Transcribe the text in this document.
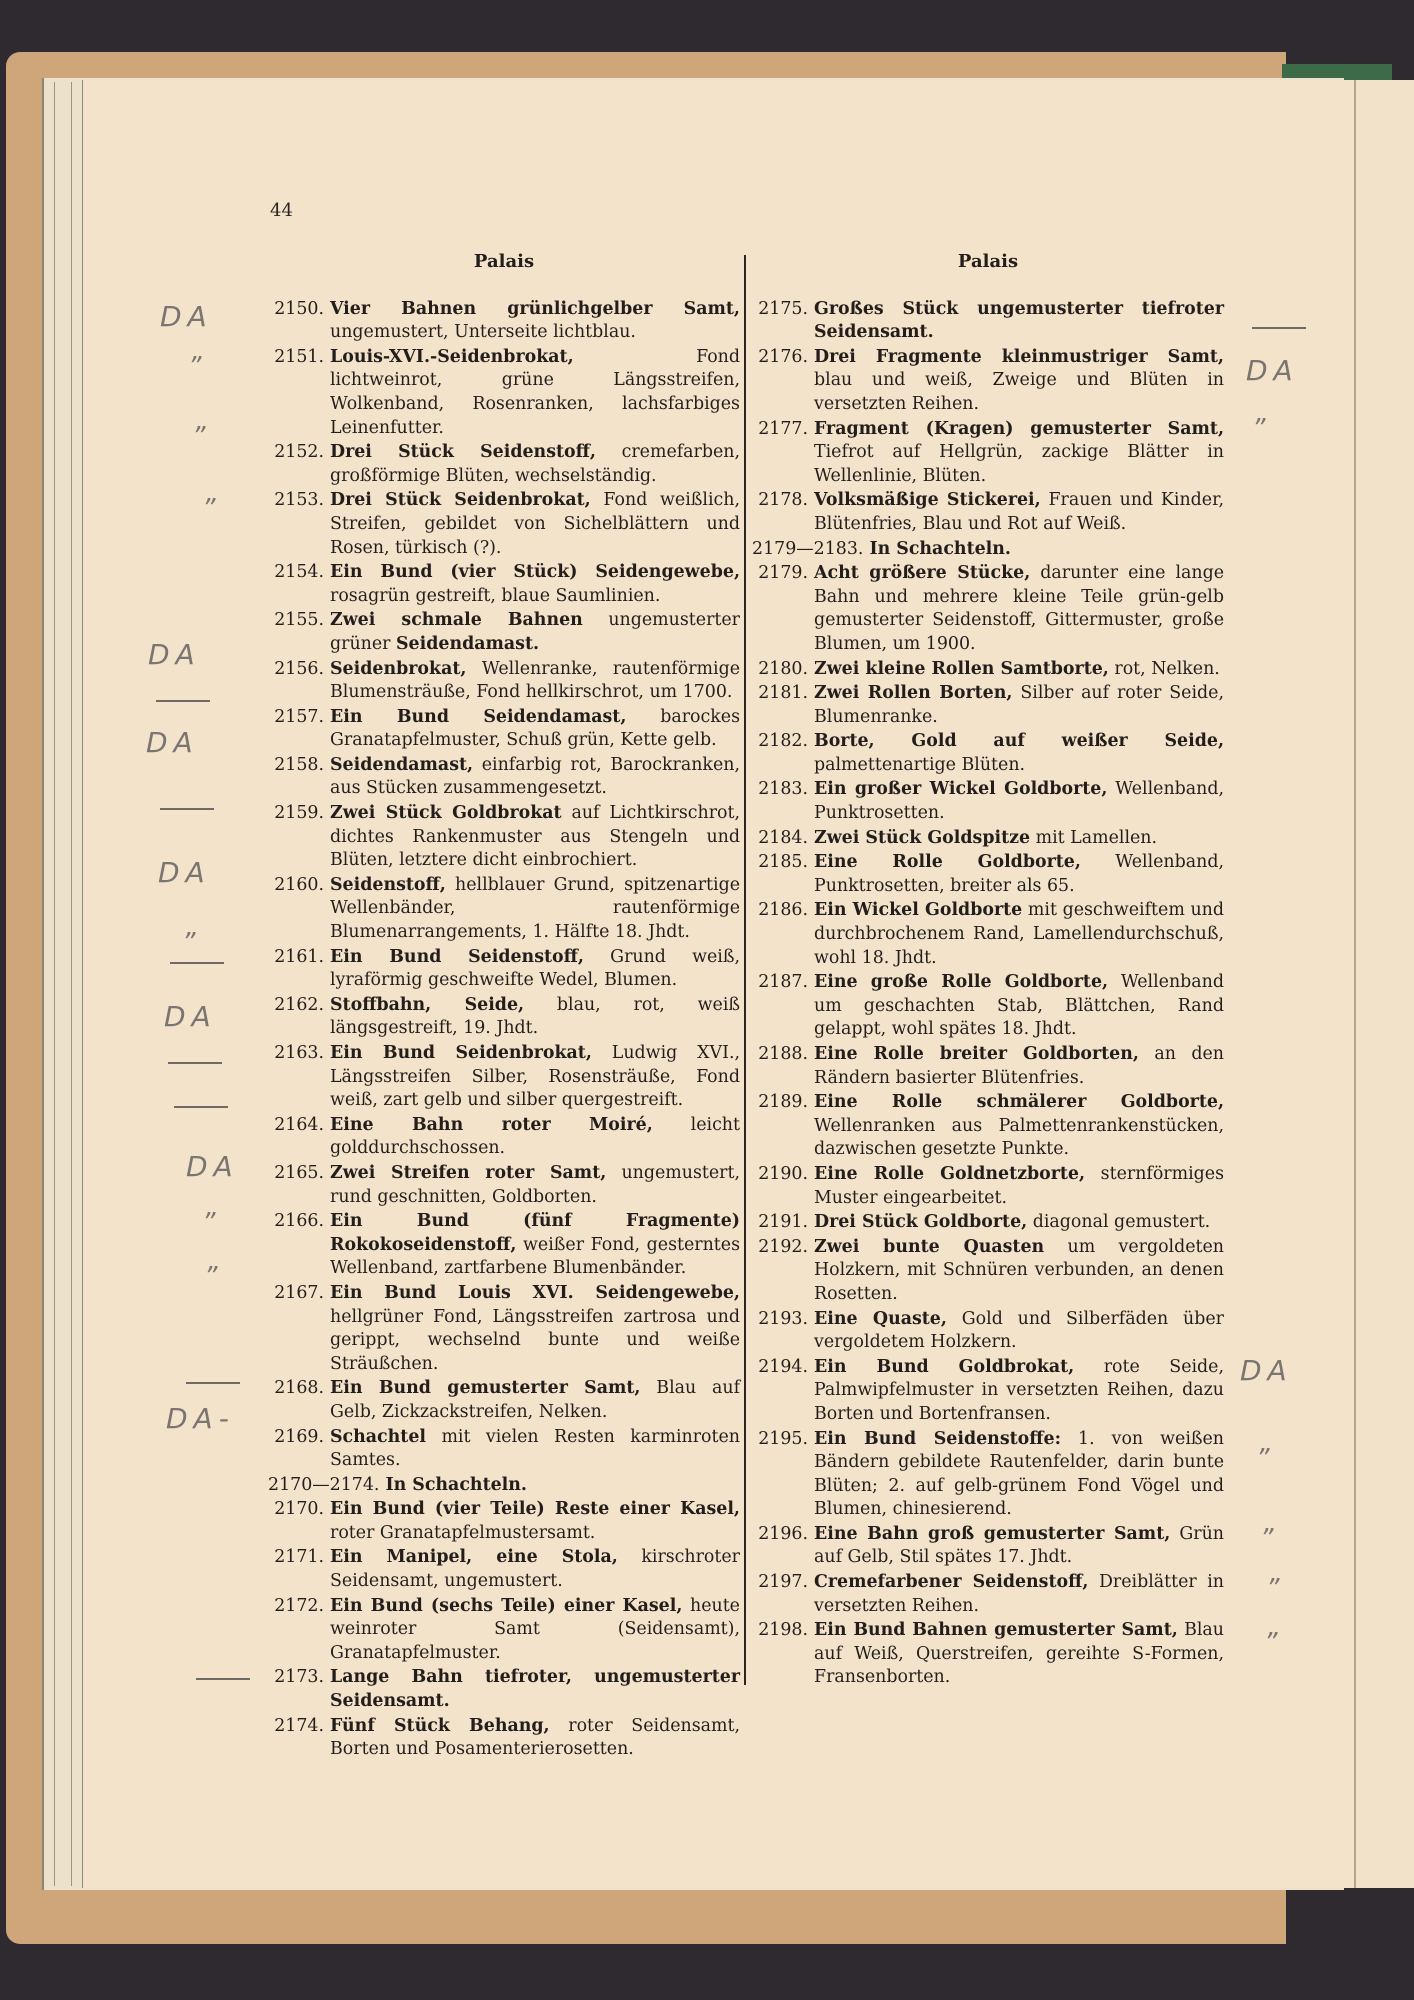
44
Palais
2150. Vier Bahnen grünlichgelber Samt, ungemustert, Unterseite lichtblau.
2151. Louis-XVI.-Seidenbrokat,	Fond lichtweinrot, grüne Längsstreifen, Wolkenband, Rosenranken, lachsfarbiges Leinenfutter.
2152. Drei Stück Seidenstoff, cremefarben, großförmige Blüten, wechselständig.
2153. Drei Stück Seidenbrokat, Fond weißlich, Streifen, gebildet von Sichelblättern und Rosen, türkisch (?).
2154. Ein Bund (vier Stück) Seidengewebe, rosagrün gestreift, blaue Saumlinien.
2155. Zwei schmale Bahnen ungemusterter grüner Seidendamast.
2156. Seidenbrokat, Wellenranke, rautenförmige Blumensträuße, Fond hellkirschrot, um 1700.
2157. Ein Bund Seidendamast, barockes Granatapfelmuster, Schuß grün, Kette gelb.
2158. Seidendamast, einfarbig rot, Barockranken, aus Stücken zusammengesetzt.
2159. Zwei Stück Goldbrokat auf Lichtkirschrot, dichtes Rankenmuster aus Stengeln und Blüten, letztere dicht einbrochiert.
2160. Seidenstoff, hellblauer Grund, spitzenartige Wellenbänder, rautenförmige Blumenarrangements, 1. Hälfte 18. Jhdt.
2161. Ein Bund Seidenstoff, Grund weiß, lyraförmig geschweifte Wedel, Blumen.
2162. Stoffbahn, Seide, blau, rot, weiß längsgestreift, 19. Jhdt.
2163. Ein Bund Seidenbrokat, Ludwig XVI., Längsstreifen Silber, Rosensträuße, Fond weiß, zart gelb und silber quergestreift.
2164. Eine Bahn roter Moiré, leicht golddurchschossen.
2165. Zwei Streifen roter Samt, ungemustert, rund geschnitten, Goldborten.
2166. Ein Bund (fünf Fragmente) Rokokoseidenstoff, weißer Fond, gesterntes Wellenband, zartfarbene Blumenbänder.
2167. Ein Bund Louis XVI. Seidengewebe, hellgrüner Fond, Längsstreifen zartrosa und gerippt, wechselnd bunte und weiße Sträußchen.
2168. Ein Bund gemusterter Samt, Blau auf Gelb, Zickzackstreifen, Nelken.
2169. Schachtel mit vielen Resten karminroten Samtes.
2170—2174. In Schachteln.
2170. Ein Bund (vier Teile) Reste einer Kasel, roter Granatapfelmustersamt.
2171. Ein Manipel, eine Stola, kirschroter Seidensamt, ungemustert.
2172. Ein Bund (sechs Teile) einer Kasel, heute weinroter Samt (Seidensamt), Granatapfelmuster.
2173. Lange Bahn tiefroter, ungemusterter Seidensamt.
2174. Fünf Stück Behang, roter Seidensamt, Borten und Posamenterierosetten.
Palais
2175. Großes Stück ungemusterter tiefroter Seidensamt.
2176. Drei Fragmente kleinmustriger Samt, blau und weiß, Zweige und Blüten in versetzten Reihen.
2177. Fragment (Kragen) gemusterter Samt, Tiefrot auf Hellgrün, zackige Blätter in Wellenlinie, Blüten.
2178. Volksmäßige Stickerei, Frauen und Kinder, Blütenfries, Blau und Rot auf Weiß.
2179—2183. In Schachteln.
2179. Acht größere Stücke, darunter eine lange Bahn und mehrere kleine Teile grün-gelb gemusterter Seidenstoff, Gittermuster, große Blumen, um 1900.
2180. Zwei kleine Rollen Samtborte, rot, Nelken.
2181. Zwei Rollen Borten, Silber auf roter Seide, Blumenranke.
2182. Borte, Gold auf weißer Seide, palmettenartige Blüten.
2183. Ein großer Wickel Goldborte, Wellenband, Punktrosetten.
2184. Zwei Stück Goldspitze mit Lamellen.
2185. Eine Rolle Goldborte, Wellenband, Punktrosetten, breiter als 65.
2186. Ein Wickel Goldborte mit geschweiftem und durchbrochenem Rand, Lamellendurchschuß, wohl 18. Jhdt.
2187. Eine große Rolle Goldborte, Wellenband um geschachten Stab, Blättchen, Rand gelappt, wohl spätes 18. Jhdt.
2188. Eine Rolle breiter Goldborten, an den Rändern basierter Blütenfries.
2189. Eine Rolle schmälerer Goldborte, Wellenranken aus Palmettenrankenstücken, dazwischen gesetzte Punkte.
2190. Eine Rolle Goldnetzborte, sternförmiges Muster eingearbeitet.
2191. Drei Stück Goldborte, diagonal gemustert.
2192. Zwei bunte Quasten um vergoldeten Holzkern, mit Schnüren verbunden, an denen Rosetten.
2193. Eine Quaste, Gold und Silberfäden über vergoldetem Holzkern.
2194. Ein Bund Goldbrokat, rote Seide, Palmwipfelmuster in versetzten Reihen, dazu Borten und Bortenfransen.
2195. Ein Bund Seidenstoffe: 1. von weißen Bändern gebildete Rautenfelder, darin bunte Blüten; 2. auf gelb-grünem Fond Vögel und Blumen, chinesierend.
2196. Eine Bahn groß gemusterter Samt, Grün auf Gelb, Stil spätes 17. Jhdt.
2197. Cremefarbener Seidenstoff, Dreiblätter in versetzten Reihen.
2198. Ein Bund Bahnen gemusterter Samt, Blau auf Weiß, Querstreifen, gereihte S-Formen, Fransenborten.
DA
”
”
”
DA
DA
DA
”
DA
DA
”
”
DA-
DA
”
DA
”
”
”
”
